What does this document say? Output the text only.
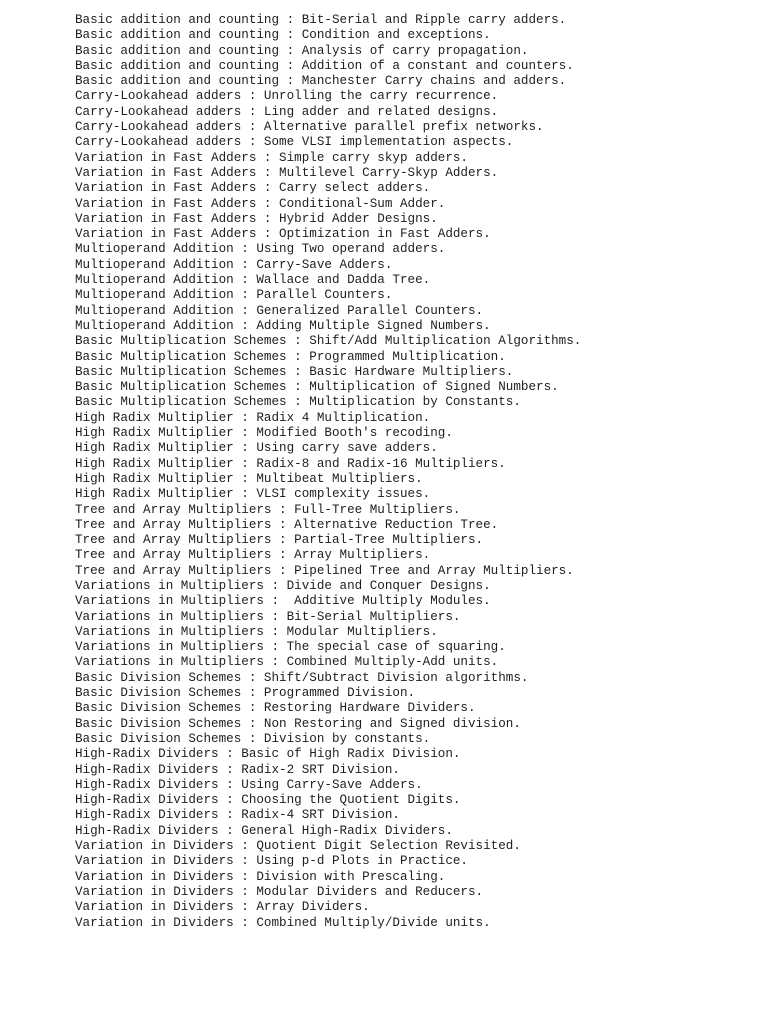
Basic addition and counting : Bit-Serial and Ripple carry adders.
Basic addition and counting : Condition and exceptions.
Basic addition and counting : Analysis of carry propagation.
Basic addition and counting : Addition of a constant and counters.
Basic addition and counting : Manchester Carry chains and adders.
Carry-Lookahead adders : Unrolling the carry recurrence.
Carry-Lookahead adders : Ling adder and related designs.
Carry-Lookahead adders : Alternative parallel prefix networks.
Carry-Lookahead adders : Some VLSI implementation aspects.
Variation in Fast Adders : Simple carry skyp adders.
Variation in Fast Adders : Multilevel Carry-Skyp Adders.
Variation in Fast Adders : Carry select adders.
Variation in Fast Adders : Conditional-Sum Adder.
Variation in Fast Adders : Hybrid Adder Designs.
Variation in Fast Adders : Optimization in Fast Adders.
Multioperand Addition : Using Two operand adders.
Multioperand Addition : Carry-Save Adders.
Multioperand Addition : Wallace and Dadda Tree.
Multioperand Addition : Parallel Counters.
Multioperand Addition : Generalized Parallel Counters.
Multioperand Addition : Adding Multiple Signed Numbers.
Basic Multiplication Schemes : Shift/Add Multiplication Algorithms.
Basic Multiplication Schemes : Programmed Multiplication.
Basic Multiplication Schemes : Basic Hardware Multipliers.
Basic Multiplication Schemes : Multiplication of Signed Numbers.
Basic Multiplication Schemes : Multiplication by Constants.
High Radix Multiplier : Radix 4 Multiplication.
High Radix Multiplier : Modified Booth's recoding.
High Radix Multiplier : Using carry save adders.
High Radix Multiplier : Radix-8 and Radix-16 Multipliers.
High Radix Multiplier : Multibeat Multipliers.
High Radix Multiplier : VLSI complexity issues.
Tree and Array Multipliers : Full-Tree Multipliers.
Tree and Array Multipliers : Alternative Reduction Tree.
Tree and Array Multipliers : Partial-Tree Multipliers.
Tree and Array Multipliers : Array Multipliers.
Tree and Array Multipliers : Pipelined Tree and Array Multipliers.
Variations in Multipliers : Divide and Conquer Designs.
Variations in Multipliers :  Additive Multiply Modules.
Variations in Multipliers : Bit-Serial Multipliers.
Variations in Multipliers : Modular Multipliers.
Variations in Multipliers : The special case of squaring.
Variations in Multipliers : Combined Multiply-Add units.
Basic Division Schemes : Shift/Subtract Division algorithms.
Basic Division Schemes : Programmed Division.
Basic Division Schemes : Restoring Hardware Dividers.
Basic Division Schemes : Non Restoring and Signed division.
Basic Division Schemes : Division by constants.
High-Radix Dividers : Basic of High Radix Division.
High-Radix Dividers : Radix-2 SRT Division.
High-Radix Dividers : Using Carry-Save Adders.
High-Radix Dividers : Choosing the Quotient Digits.
High-Radix Dividers : Radix-4 SRT Division.
High-Radix Dividers : General High-Radix Dividers.
Variation in Dividers : Quotient Digit Selection Revisited.
Variation in Dividers : Using p-d Plots in Practice.
Variation in Dividers : Division with Prescaling.
Variation in Dividers : Modular Dividers and Reducers.
Variation in Dividers : Array Dividers.
Variation in Dividers : Combined Multiply/Divide units.
